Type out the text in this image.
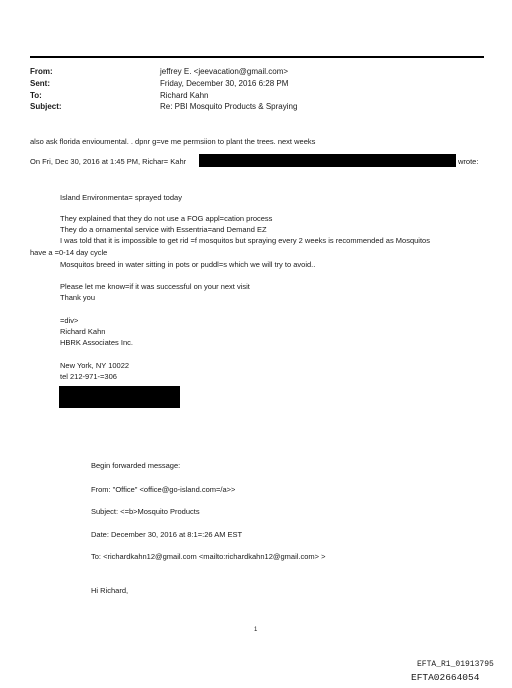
From:	jeffrey E. <jeevacation@gmail.com>
Sent:	Friday, December 30, 2016 6:28 PM
To:	Richard Kahn
Subject:	Re: PBI Mosquito Products & Spraying
also ask florida envioumental. . dpnr g=ve me permsiion to plant the trees. next weeks
On Fri, Dec 30, 2016 at 1:45 PM, Richar= Kahr	wrote:
Island Environmenta= sprayed today
They explained that they do not use a FOG appl=cation process
They do a ornamental service with Essentria=and Demand EZ
I was told that it is impossible to get rid =f mosquitos but spraying every 2 weeks is recommended as Mosquitos
have a =0-14 day cycle
Mosquitos breed in water sitting in pots or puddl=s which we will try to avoid..
Please let me know=if it was successful on your next visit
Thank you
=div>
Richard Kahn
HBRK Associates Inc.
New York, NY 10022
tel 212-971-=306
Begin forwarded message:
From: "Office" <office@go-island.com=/a>>
Subject: <=b>Mosquito Products
Date: December 30, 2016 at 8:1=:26 AM EST
To: <richardkahn12@gmail.com <mailto:richardkahn12@gmail.com> >
Hi Richard,
1
EFTA_R1_01913795
EFTA02664054
